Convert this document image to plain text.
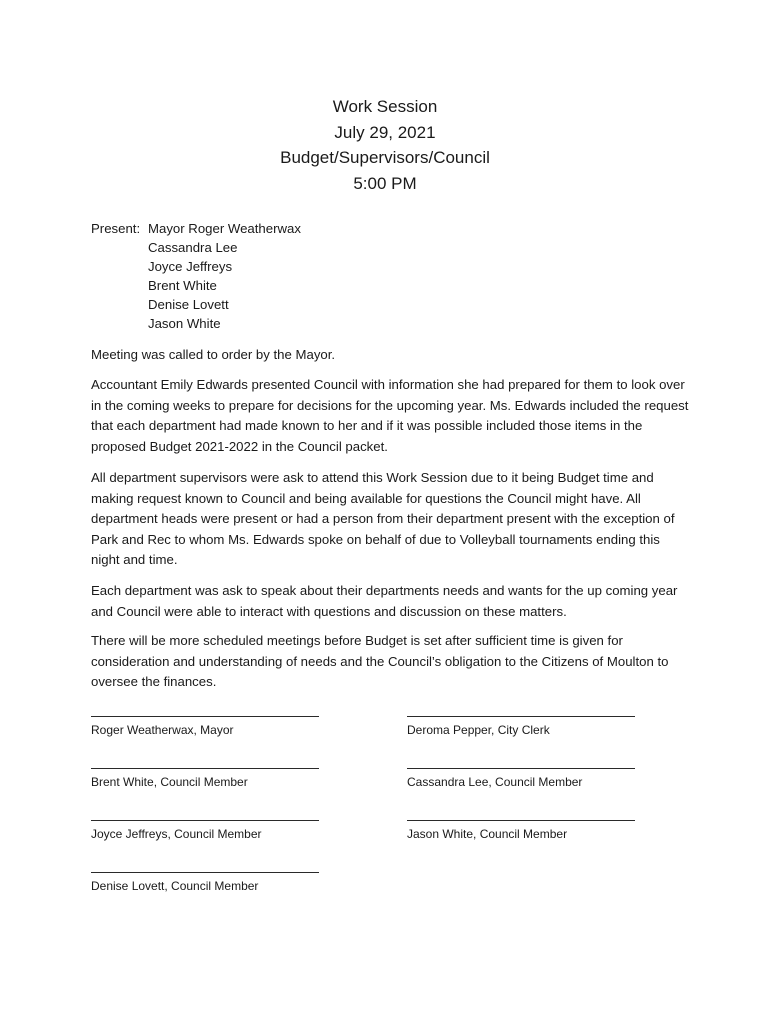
Work Session
July 29, 2021
Budget/Supervisors/Council
5:00 PM
Present: Mayor Roger Weatherwax
Cassandra Lee
Joyce Jeffreys
Brent White
Denise Lovett
Jason White

Meeting was called to order by the Mayor.

Accountant Emily Edwards presented Council with information she had prepared for them to look over in the coming weeks to prepare for decisions for the upcoming year. Ms. Edwards included the request that each department had made known to her and if it was possible included those items in the proposed Budget 2021-2022 in the Council packet.

All department supervisors were ask to attend this Work Session due to it being Budget time and making request known to Council and being available for questions the Council might have. All department heads were present or had a person from their department present with the exception of Park and Rec to whom Ms. Edwards spoke on behalf of due to Volleyball tournaments ending this night and time.

Each department was ask to speak about their departments needs and wants for the up coming year and Council were able to interact with questions and discussion on these matters.

There will be more scheduled meetings before Budget is set after sufficient time is given for consideration and understanding of needs and the Council’s obligation to the Citizens of Moulton to oversee the finances.

Roger Weatherwax, Mayor	Deroma Pepper, City Clerk
Brent White, Council Member	Cassandra Lee, Council Member
Joyce Jeffreys, Council Member	Jason White, Council Member
Denise Lovett, Council Member
